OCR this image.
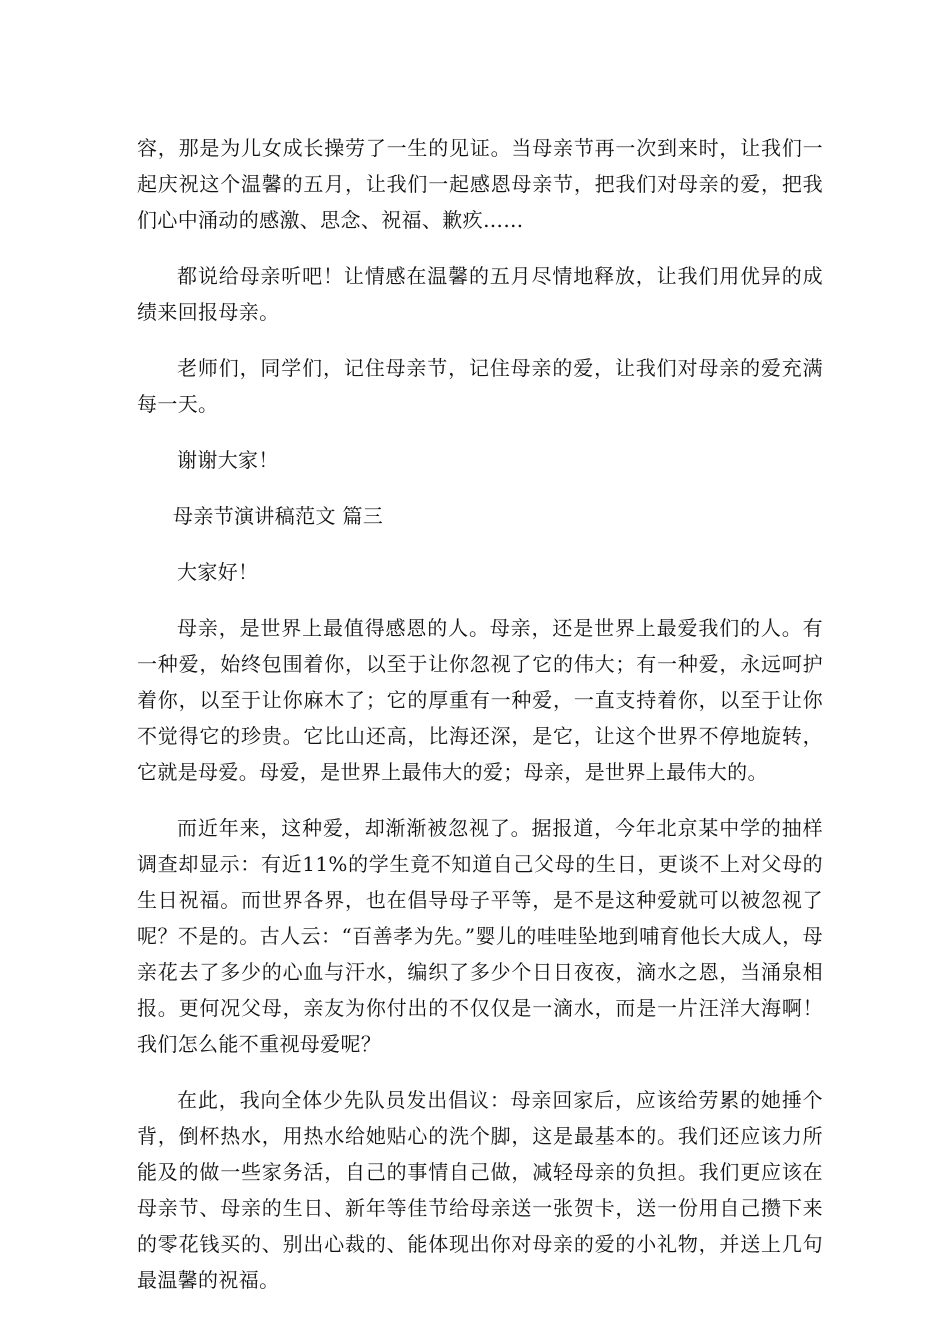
容，那是为儿女成长操劳了一生的见证。当母亲节再一次到来时，让我们一起庆祝这个温馨的五月，让我们一起感恩母亲节，把我们对母亲的爱，把我们心中涌动的感激、思念、祝福、歉疚……

都说给母亲听吧！让情感在温馨的五月尽情地释放，让我们用优异的成绩来回报母亲。

老师们，同学们，记住母亲节，记住母亲的爱，让我们对母亲的爱充满每一天。

谢谢大家！

母亲节演讲稿范文 篇三

大家好！

母亲，是世界上最值得感恩的人。母亲，还是世界上最爱我们的人。有一种爱，始终包围着你，以至于让你忽视了它的伟大；有一种爱，永远呵护着你，以至于让你麻木了；它的厚重有一种爱，一直支持着你，以至于让你不觉得它的珍贵。它比山还高，比海还深，是它，让这个世界不停地旋转，它就是母爱。母爱，是世界上最伟大的爱；母亲，是世界上最伟大的。

而近年来，这种爱，却渐渐被忽视了。据报道，今年北京某中学的抽样调查却显示：有近11%的学生竟不知道自己父母的生日，更谈不上对父母的生日祝福。而世界各界，也在倡导母子平等，是不是这种爱就可以被忽视了呢？不是的。古人云：“百善孝为先。”婴儿的哇哇坠地到哺育他长大成人，母亲花去了多少的心血与汗水，编织了多少个日日夜夜，滴水之恩，当涌泉相报。更何况父母，亲友为你付出的不仅仅是一滴水，而是一片汪洋大海啊！我们怎么能不重视母爱呢？

在此，我向全体少先队员发出倡议：母亲回家后，应该给劳累的她捶个背，倒杯热水，用热水给她贴心的洗个脚，这是最基本的。我们还应该力所能及的做一些家务活，自己的事情自己做，减轻母亲的负担。我们更应该在母亲节、母亲的生日、新年等佳节给母亲送一张贺卡，送一份用自己攒下来的零花钱买的、别出心裁的、能体现出你对母亲的爱的小礼物，并送上几句最温馨的祝福。
